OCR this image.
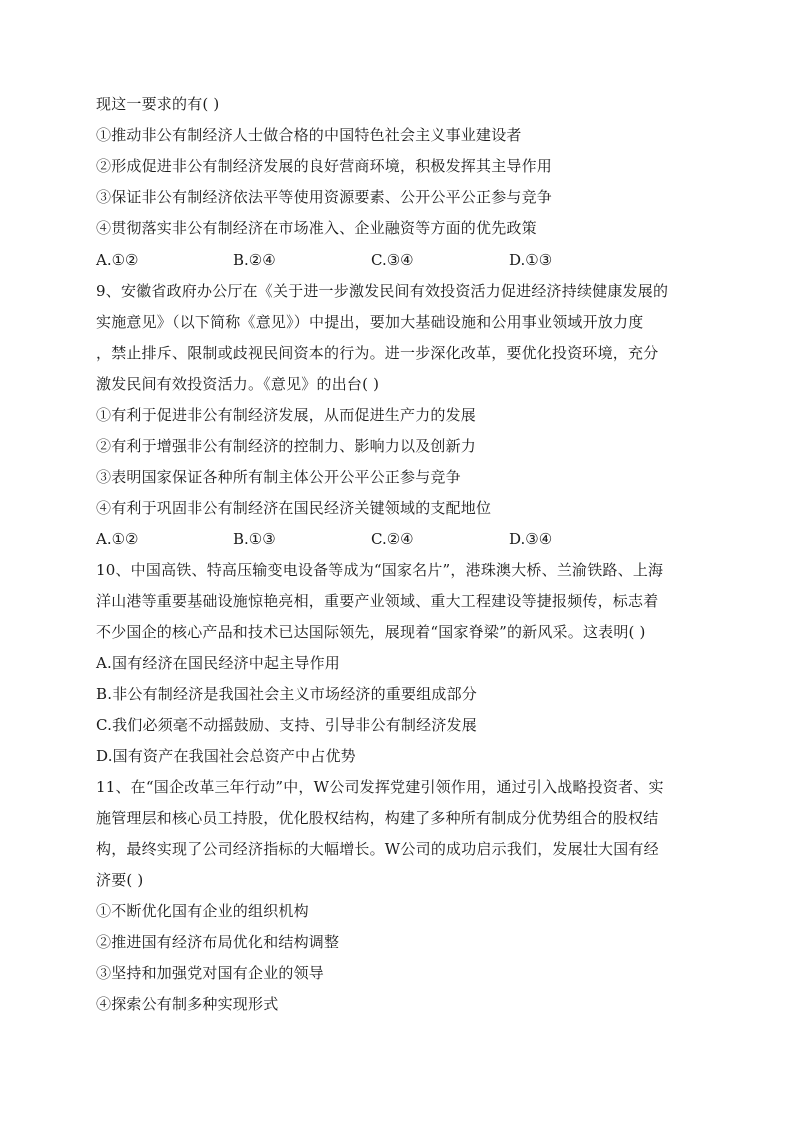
现这一要求的有( )
①推动非公有制经济人士做合格的中国特色社会主义事业建设者
②形成促进非公有制经济发展的良好营商环境，积极发挥其主导作用
③保证非公有制经济依法平等使用资源要素、公开公平公正参与竞争
④贯彻落实非公有制经济在市场准入、企业融资等方面的优先政策
A.①②	B.②④	C.③④	D.①③
9、安徽省政府办公厅在《关于进一步激发民间有效投资活力促进经济持续健康发展的
实施意见》（以下简称《意见》）中提出，要加大基础设施和公用事业领域开放力度
，禁止排斥、限制或歧视民间资本的行为。进一步深化改革，要优化投资环境，充分
激发民间有效投资活力。《意见》的出台( )
①有利于促进非公有制经济发展，从而促进生产力的发展
②有利于增强非公有制经济的控制力、影响力以及创新力
③表明国家保证各种所有制主体公开公平公正参与竞争
④有利于巩固非公有制经济在国民经济关键领域的支配地位
A.①②	B.①③	C.②④	D.③④
10、中国高铁、特高压输变电设备等成为“国家名片”，港珠澳大桥、兰渝铁路、上海
洋山港等重要基础设施惊艳亮相，重要产业领域、重大工程建设等捷报频传，标志着
不少国企的核心产品和技术已达国际领先，展现着“国家脊梁”的新风采。这表明( )
A.国有经济在国民经济中起主导作用
B.非公有制经济是我国社会主义市场经济的重要组成部分
C.我们必须毫不动摇鼓励、支持、引导非公有制经济发展
D.国有资产在我国社会总资产中占优势
11、在“国企改革三年行动”中，W公司发挥党建引领作用，通过引入战略投资者、实
施管理层和核心员工持股，优化股权结构，构建了多种所有制成分优势组合的股权结
构，最终实现了公司经济指标的大幅增长。W公司的成功启示我们，发展壮大国有经
济要( )
①不断优化国有企业的组织机构
②推进国有经济布局优化和结构调整
③坚持和加强党对国有企业的领导
④探索公有制多种实现形式
